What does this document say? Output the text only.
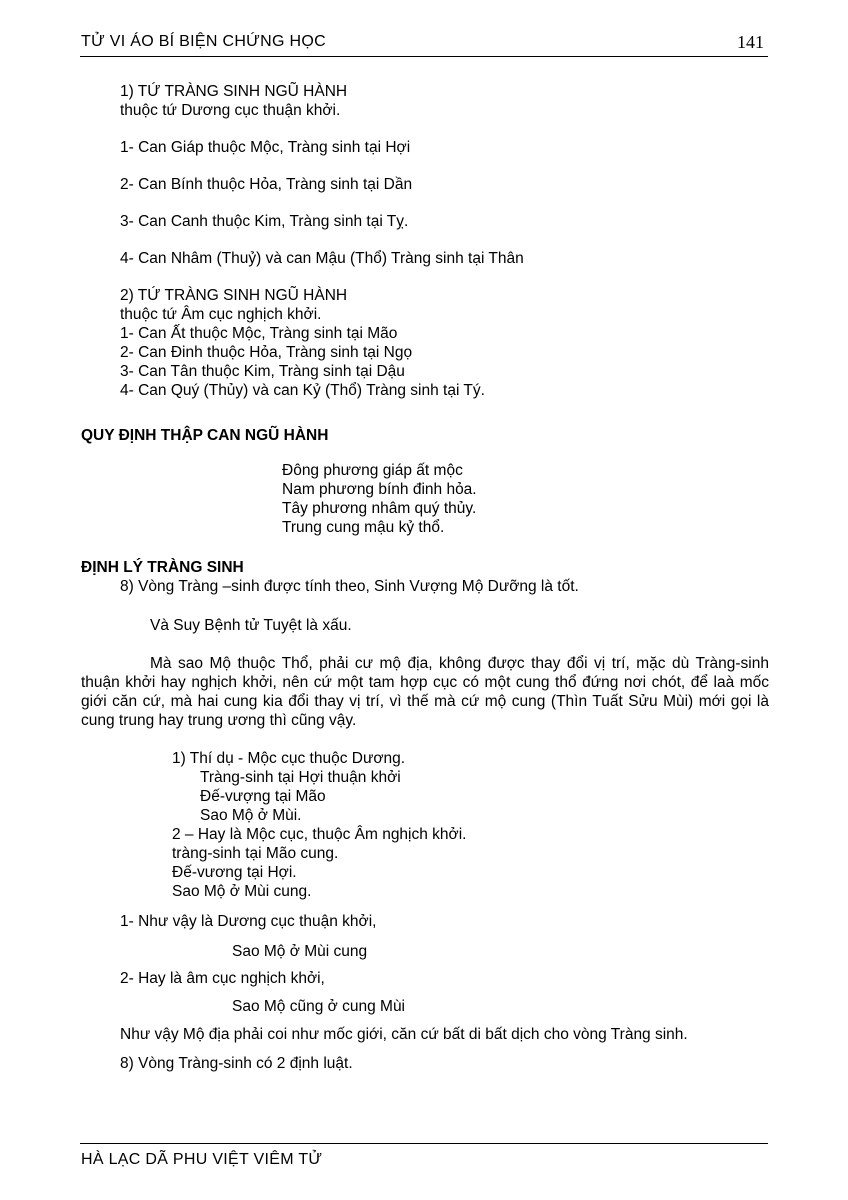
TỬ VI ÁO BÍ BIỆN CHỨNG HỌC	141
1) TỨ TRÀNG SINH NGŨ HÀNH
thuộc tứ Dương cục thuận khởi.
1- Can Giáp thuộc Mộc, Tràng sinh tại Hợi
2- Can Bính thuộc Hỏa, Tràng sinh tại Dần
3- Can Canh thuộc Kim, Tràng sinh tại Tỵ.
4- Can Nhâm (Thuỷ) và can Mậu (Thổ) Tràng sinh tại Thân
2) TỨ TRÀNG SINH NGŨ HÀNH
thuộc tứ Âm cục nghịch khởi.
1- Can Ất thuộc Mộc, Tràng sinh tại Mão
2- Can Đinh thuộc Hỏa, Tràng sinh tại Ngọ
3- Can Tân thuộc Kim, Tràng sinh tại Dậu
4- Can Quý (Thủy) và can Kỷ (Thổ) Tràng sinh tại Tý.
QUY ĐỊNH THẬP CAN NGŨ HÀNH
Đông phương giáp ất mộc
Nam phương bính đinh hỏa.
Tây phương nhâm quý thủy.
Trung cung mậu kỷ thổ.
ĐỊNH LÝ TRÀNG SINH
8) Vòng Tràng –sinh được tính theo, Sinh Vượng Mộ Dưỡng là tốt.
Và Suy Bệnh tử Tuyệt là xấu.
Mà sao Mộ thuộc Thổ, phải cư mộ địa, không được thay đổi vị trí, mặc dù Tràng-sinh thuận khởi hay nghịch khởi, nên cứ một tam hợp cục có một cung thổ đứng nơi chót, để laà mốc giới căn cứ, mà hai cung kia đổi thay vị trí, vì thế mà cứ mộ cung (Thìn Tuất Sửu Mùi) mới gọi là cung trung hay trung ương thì cũng vậy.
1) Thí dụ - Mộc cục thuộc Dương.
Tràng-sinh tại Hợi thuận khởi
Đế-vượng tại Mão
Sao Mộ ở Mùi.
2 – Hay là Mộc cục, thuộc Âm nghịch khởi.
tràng-sinh tại Mão cung.
Đế-vương tại Hợi.
Sao Mộ ở Mùi cung.
1- Như vậy là Dương cục thuận khởi,
Sao Mộ ở Mùi cung
2- Hay là âm cục nghịch khởi,
Sao Mộ cũng ở cung Mùi
Như vậy Mộ địa phải coi như mốc giới, căn cứ bất di bất dịch cho vòng Tràng sinh.
8) Vòng Tràng-sinh có 2 định luật.
HÀ LẠC DÃ PHU VIỆT VIÊM TỬ
